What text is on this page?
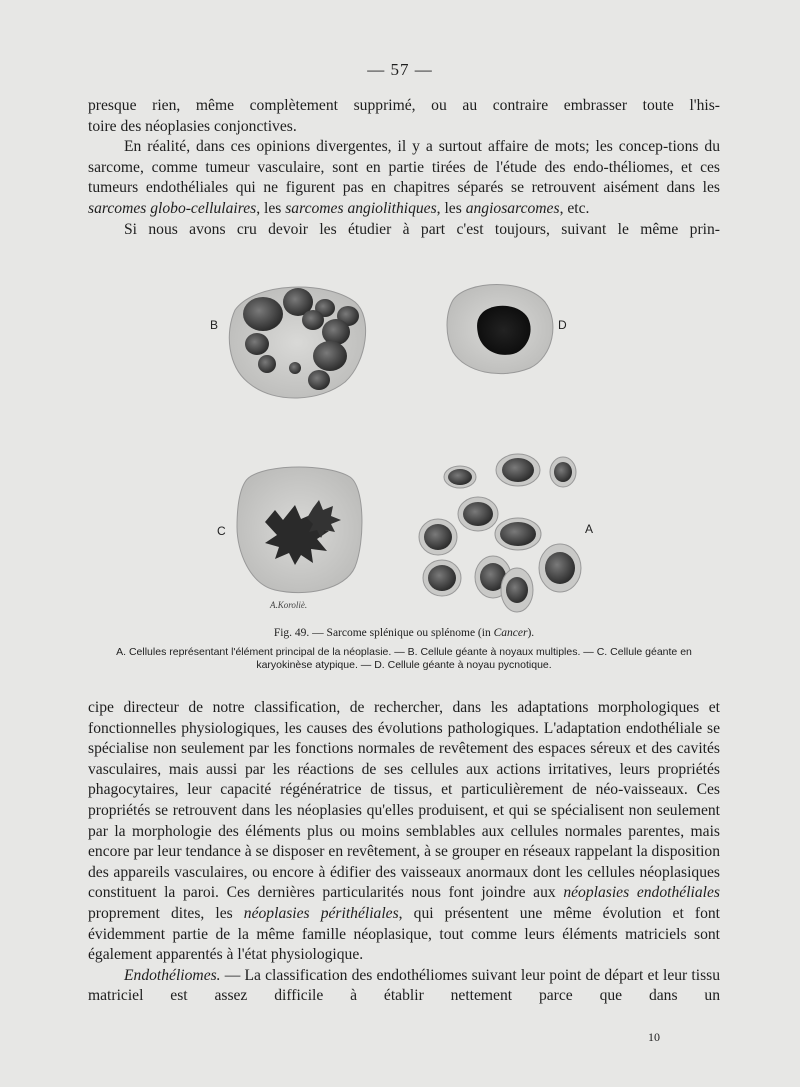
— 57 —

presque rien, même complètement supprimé, ou au contraire embrasser toute l'his-

toire des néoplasies conjonctives.

En réalité, dans ces opinions divergentes, il y a surtout affaire de mots; les concep-tions du sarcome, comme tumeur vasculaire, sont en partie tirées de l'étude des endo-théliomes, et ces tumeurs endothéliales qui ne figurent pas en chapitres séparés se retrouvent aisément dans les sarcomes globo-cellulaires, les sarcomes angiolithiques, les angiosarcomes, etc.

Si nous avons cru devoir les étudier à part c'est toujours, suivant le même prin-

B	D
C	A
A.Koroliè.
Fig. 49. — Sarcome splénique ou splénome (in Cancer).
A. Cellules représentant l'élément principal de la néoplasie. — B. Cellule géante à noyaux multiples. — C. Cellule géante en karyokinèse atypique. — D. Cellule géante à noyau pycnotique.

cipe directeur de notre classification, de rechercher, dans les adaptations morphologiques et fonctionnelles physiologiques, les causes des évolutions pathologiques. L'adaptation endothéliale se spécialise non seulement par les fonctions normales de revêtement des espaces séreux et des cavités vasculaires, mais aussi par les réactions de ses cellules aux actions irritatives, leurs propriétés phagocytaires, leur capacité régénératrice de tissus, et particulièrement de néo-vaisseaux. Ces propriétés se retrouvent dans les néoplasies qu'elles produisent, et qui se spécialisent non seulement par la morphologie des éléments plus ou moins semblables aux cellules normales parentes, mais encore par leur tendance à se disposer en revêtement, à se grouper en réseaux rappelant la disposition des appareils vasculaires, ou encore à édifier des vaisseaux anormaux dont les cellules néoplasiques constituent la paroi. Ces dernières particularités nous font joindre aux néoplasies endothéliales proprement dites, les néoplasies périthéliales, qui présentent une même évolution et font évidemment partie de la même famille néoplasique, tout comme leurs éléments matriciels sont également apparentés à l'état physiologique.

Endothéliomes. — La classification des endothéliomes suivant leur point de départ et leur tissu matriciel est assez difficile à établir nettement parce que dans un

10
